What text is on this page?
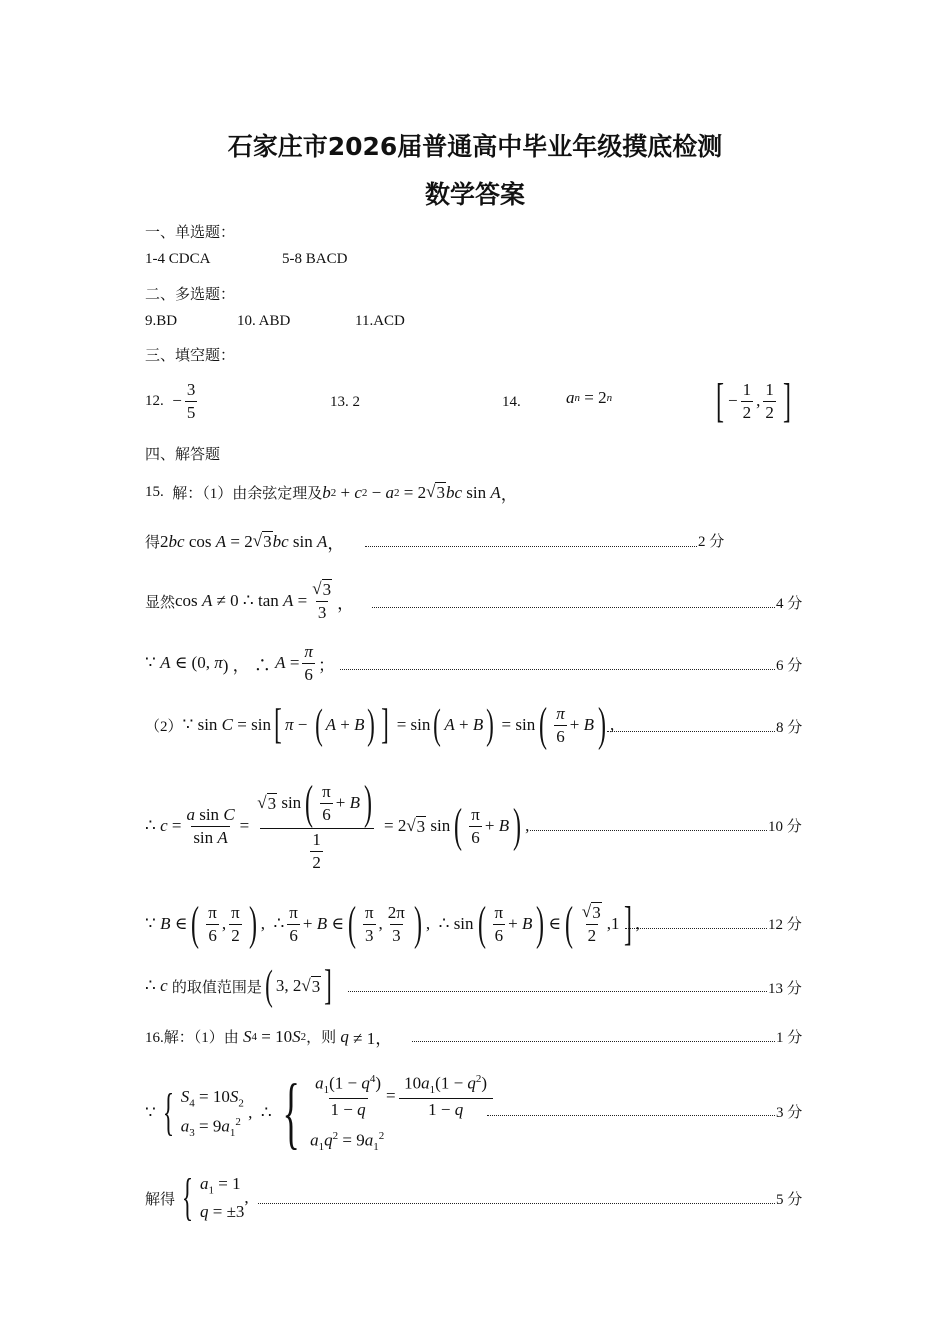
石家庄市2026届普通高中毕业年级摸底检测
数学答案
一、单选题：
1-4 CDCA	5-8 BACD
二、多选题：
9.BD	10. ABD	11.ACD
三、填空题：
12. − $\frac{3}{5}$	13. 2	14.	a n = 2 n [ − $\frac{1}{2}$ , $\frac{1}{2}$ ]
四、解答题
15.
解：（1）由余弦定理及 b 2 + c 2 − a 2 = 2 √ 3 bc sin A ，
得 2 bc cos A = 2 √ 3 bc sin A ，	2 分
显然 cos A ≠ 0 ∴ $\tan A = \frac{√ 3}{3}$ ，	4 分
∵ A ∈ (0, π ) ， ∴ $A = \frac{\pi}{6}$ ；	6 分
（2） ∵ sin C = sin [ π − ( A + B ) ] = sin ( A + B ) = sin ( $\frac{\pi}{6} + B$ ) ,	8 分
∴ $c = \frac{\text{a sin C}}{\text{sin A}} = \frac{√ 3 \sin ( \frac{\pi}{6} + B )}{\frac{1}{2}} = 2$ √ 3 sin ( $\frac{\pi}{6} + B$ ) ,	10 分
∵ B ∈ ( $\frac{\pi}{6}$ , $\frac{\pi}{2}$ ) ,  ∴ $\frac{\pi}{6} + B$ ∈ ( $\frac{\pi}{3}$ , $\frac{2\pi}{3}$ ) ,  ∴ sin ( $\frac{\pi}{6} + B$ ) ∈ ( $\frac{√ 3}{2} ,1$ ] ,	12 分
∴ c
的取值范围是 ( 3, 2 √ 3 ]	13 分
16.解：（1）由
S 4 = 10 S 2 ，则
q ≠ 1，	1 分
∵ { $S_4 = 10S_2$
$a_3 = 9a_1^2$ ,  ∴ { $\frac{a_1(1 - q^4)}{1 - q} = \frac{10a_1(1 - q^2)}{1 - q}$
$a_1q^2 = 9a_1^2$
3 分
解得 { $a_1 = 1$
q = ±3
,	5 分
